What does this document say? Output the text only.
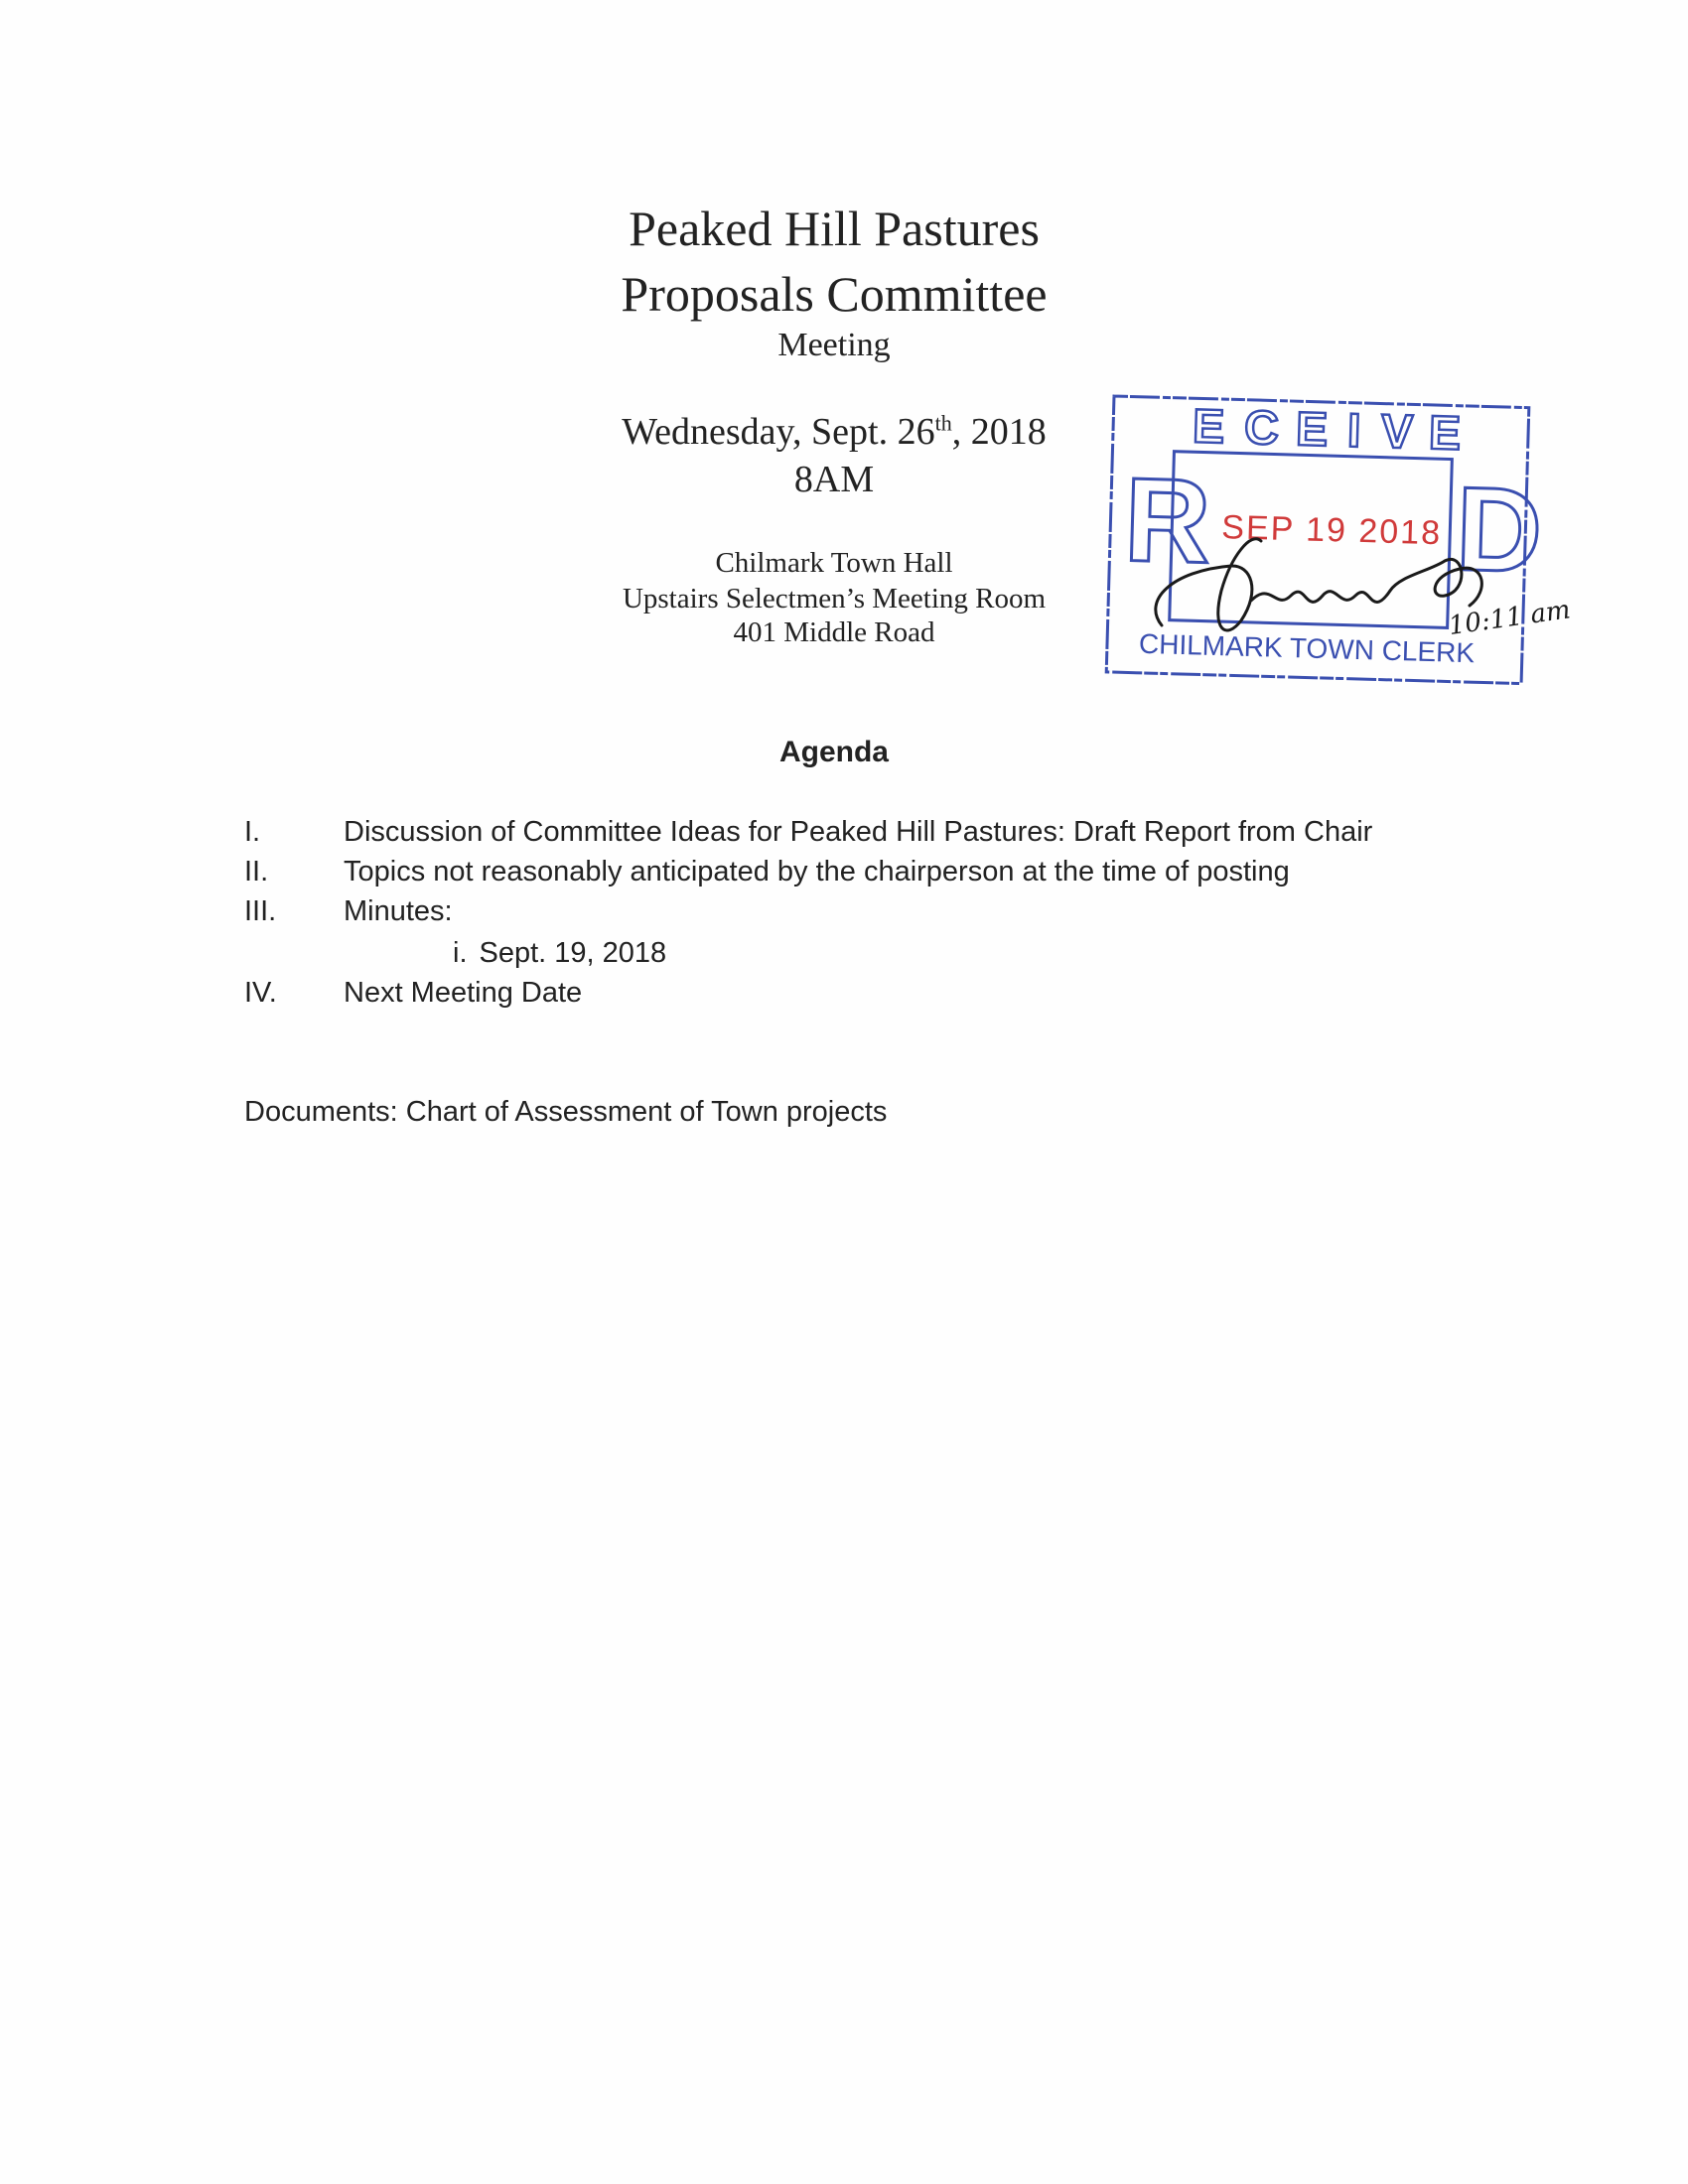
Peaked Hill Pastures
Proposals Committee
Meeting
Wednesday, Sept. 26th, 2018
8AM
Chilmark Town Hall
Upstairs Selectmen’s Meeting Room
401 Middle Road
R
E C E I V E
D
SEP 19 2018
CHILMARK TOWN CLERK
10:11 am
Agenda
I.	Discussion of Committee Ideas for Peaked Hill Pastures: Draft Report from Chair
II.	Topics not reasonably anticipated by the chairperson at the time of posting
III. Minutes:
i. Sept. 19, 2018
IV. Next Meeting Date
Documents: Chart of Assessment of Town projects
